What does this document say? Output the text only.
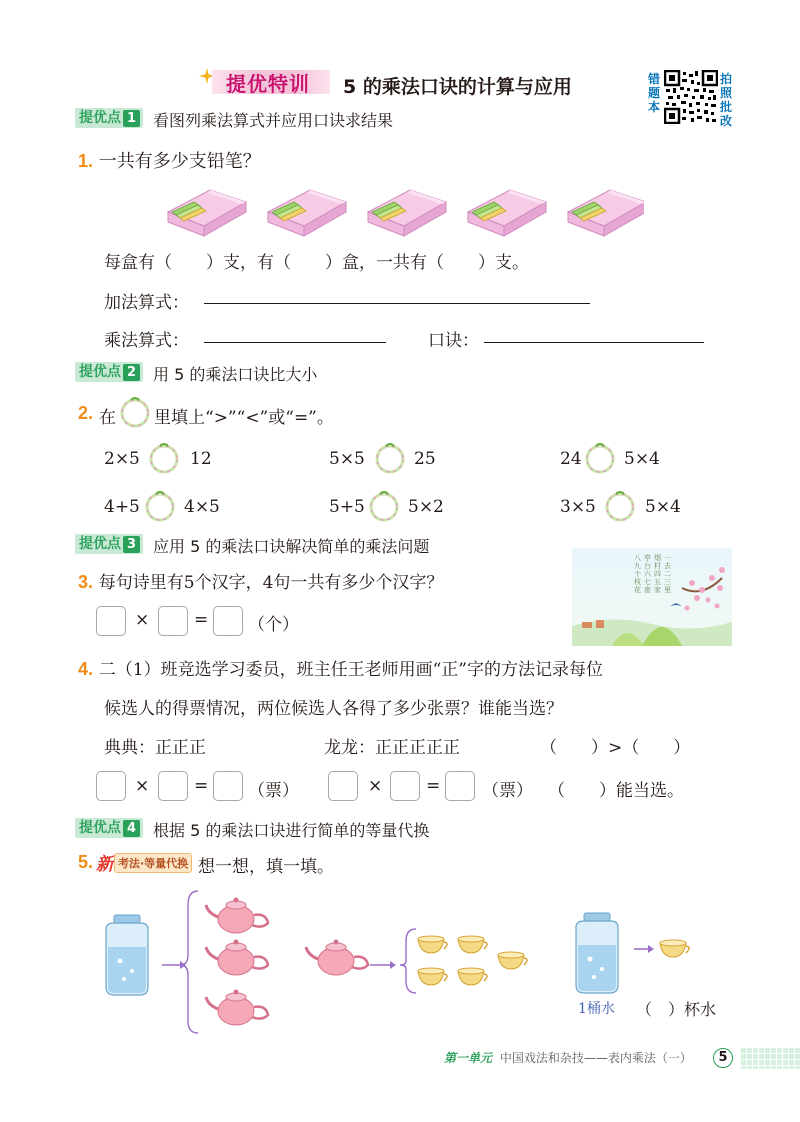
提优特训 5 的乘法口诀的计算与应用	错题本
拍照批改
提优点 1 看图列乘法算式并应用口诀求结果
1. 一共有多少支铅笔？
每盒有（　　）支，有（　　）盒，一共有（　　）支。
加法算式：
乘法算式：	口诀：
提优点 2 用 5 的乘法口诀比大小
2. 在 里填上“>”“<”或“=”。
2×5	12	5×5	25	24 5×4
4+5	4×5	5+5	5×2	3×5	5×4
提优点 3 应用 5 的乘法口诀解决简单的乘法问题
3. 每句诗里有5个汉字，4句一共有多少个汉字？
一去二三里
烟村四五家
亭台六七座
八九十枝花
×	= （个）
4. 二（1）班竞选学习委员，班主任王老师用画“正”字的方法记录每位
候选人的得票情况，两位候选人各得了多少张票？谁能当选？
典典：正正正	龙龙：正正正正正	（　　）>（　　）
×	= （票）	×	= （票） （　　）能当选。
提优点 4 根据 5 的乘法口诀进行简单的等量代换
5. 新 考法·等量代换 想一想，填一填。
1桶水 （　）杯水
第一单元 中国戏法和杂技——表内乘法（一）	5
